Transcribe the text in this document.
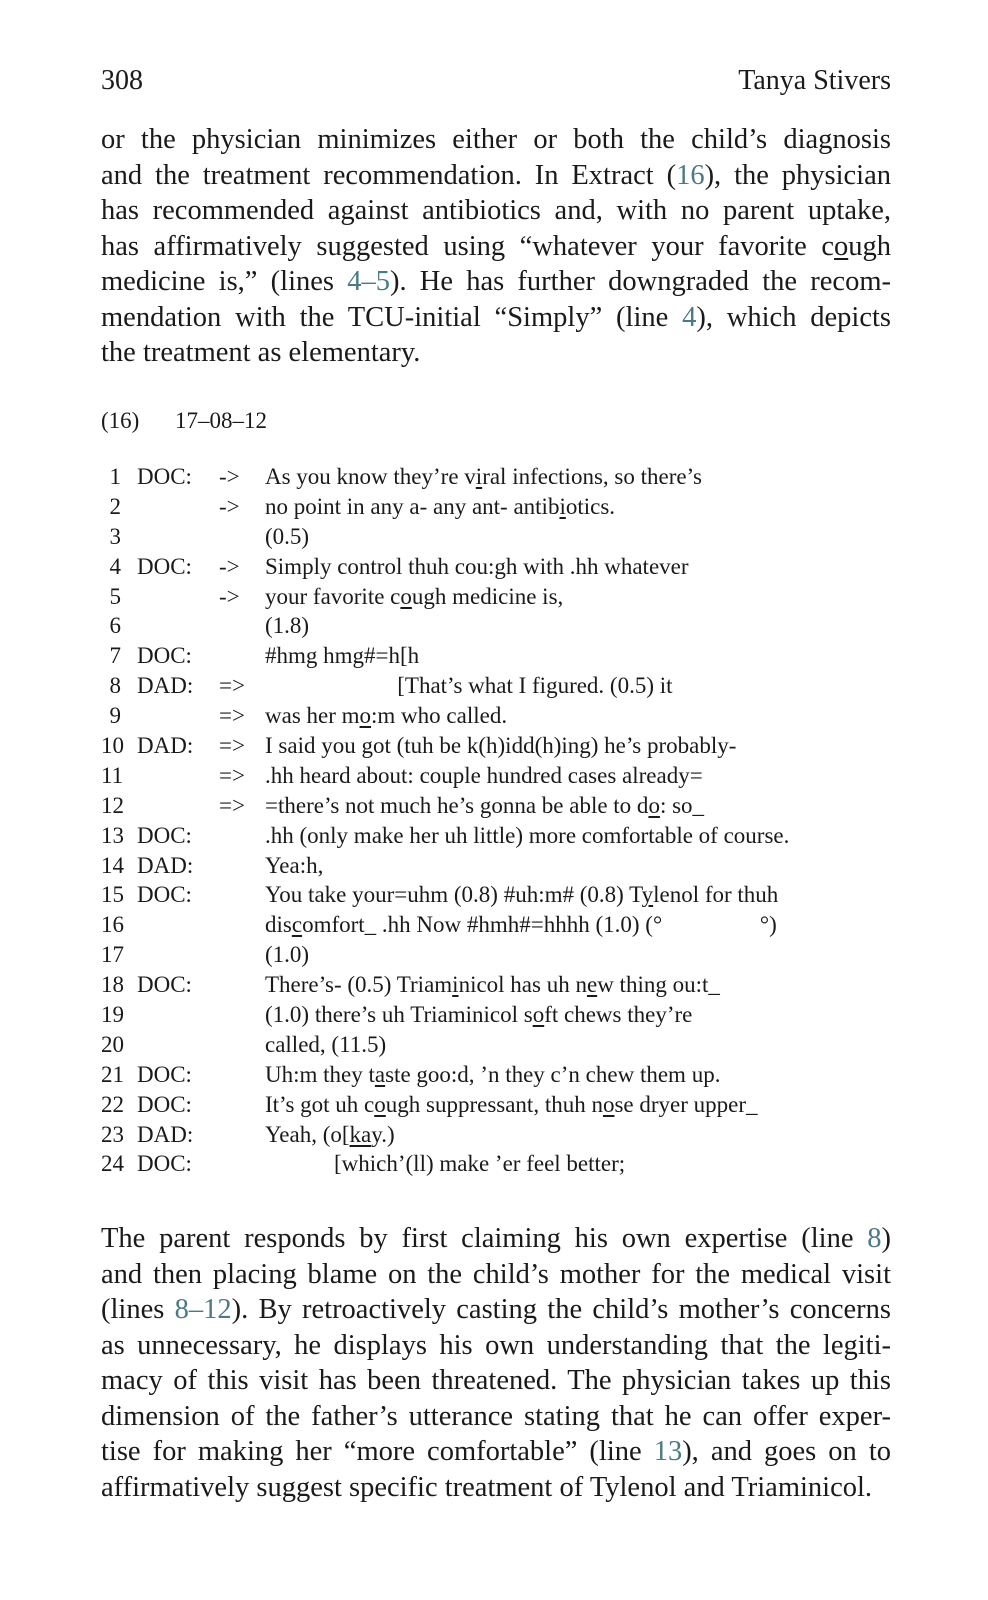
308	Tanya Stivers
or the physician minimizes either or both the child’s diagnosis
and the treatment recommendation. In Extract (16), the physician
has recommended against antibiotics and, with no parent uptake,
has affirmatively suggested using “whatever your favorite cough
medicine is,” (lines 4–5). He has further downgraded the recom-
mendation with the TCU-initial “Simply” (line 4), which depicts
the treatment as elementary.
(16) 17–08–12
1 DOC: -> As you know they’re viral infections, so there’s
2	-> no point in any a- any ant- antibiotics.
3	(0.5)
4 DOC: -> Simply control thuh cou:gh with .hh whatever
5	-> your favorite cough medicine is,
6	(1.8)
7 DOC:	#hmg hmg#=h[h
8 DAD: => [That’s what I figured. (0.5) it
9	=> was her mo:m who called.
10 DAD: => I said you got (tuh be k(h)idd(h)ing) he’s probably-
11	=> .hh heard about: couple hundred cases already=
12	=> =there’s not much he’s gonna be able to do: so_
13 DOC:	.hh (only make her uh little) more comfortable of course.
14 DAD:	Yea:h,
15 DOC:	You take your=uhm (0.8) #uh:m# (0.8) Tylenol for thuh
16	discomfort_ .hh Now #hmh#=hhhh (1.0) (°                 °)
17	(1.0)
18 DOC:	There’s- (0.5) Triaminicol has uh new thing ou:t_
19	(1.0) there’s uh Triaminicol soft chews they’re
20	called, (11.5)
21 DOC:	Uh:m they taste goo:d, ’n they c’n chew them up.
22 DOC:	It’s got uh cough suppressant, thuh nose dryer upper_
23 DAD:	Yeah, (o[kay.)
24 DOC:	[which’(ll) make ’er feel better;
The parent responds by first claiming his own expertise (line 8)
and then placing blame on the child’s mother for the medical visit
(lines 8–12). By retroactively casting the child’s mother’s concerns
as unnecessary, he displays his own understanding that the legiti-
macy of this visit has been threatened. The physician takes up this
dimension of the father’s utterance stating that he can offer exper-
tise for making her “more comfortable” (line 13), and goes on to
affirmatively suggest specific treatment of Tylenol and Triaminicol.
